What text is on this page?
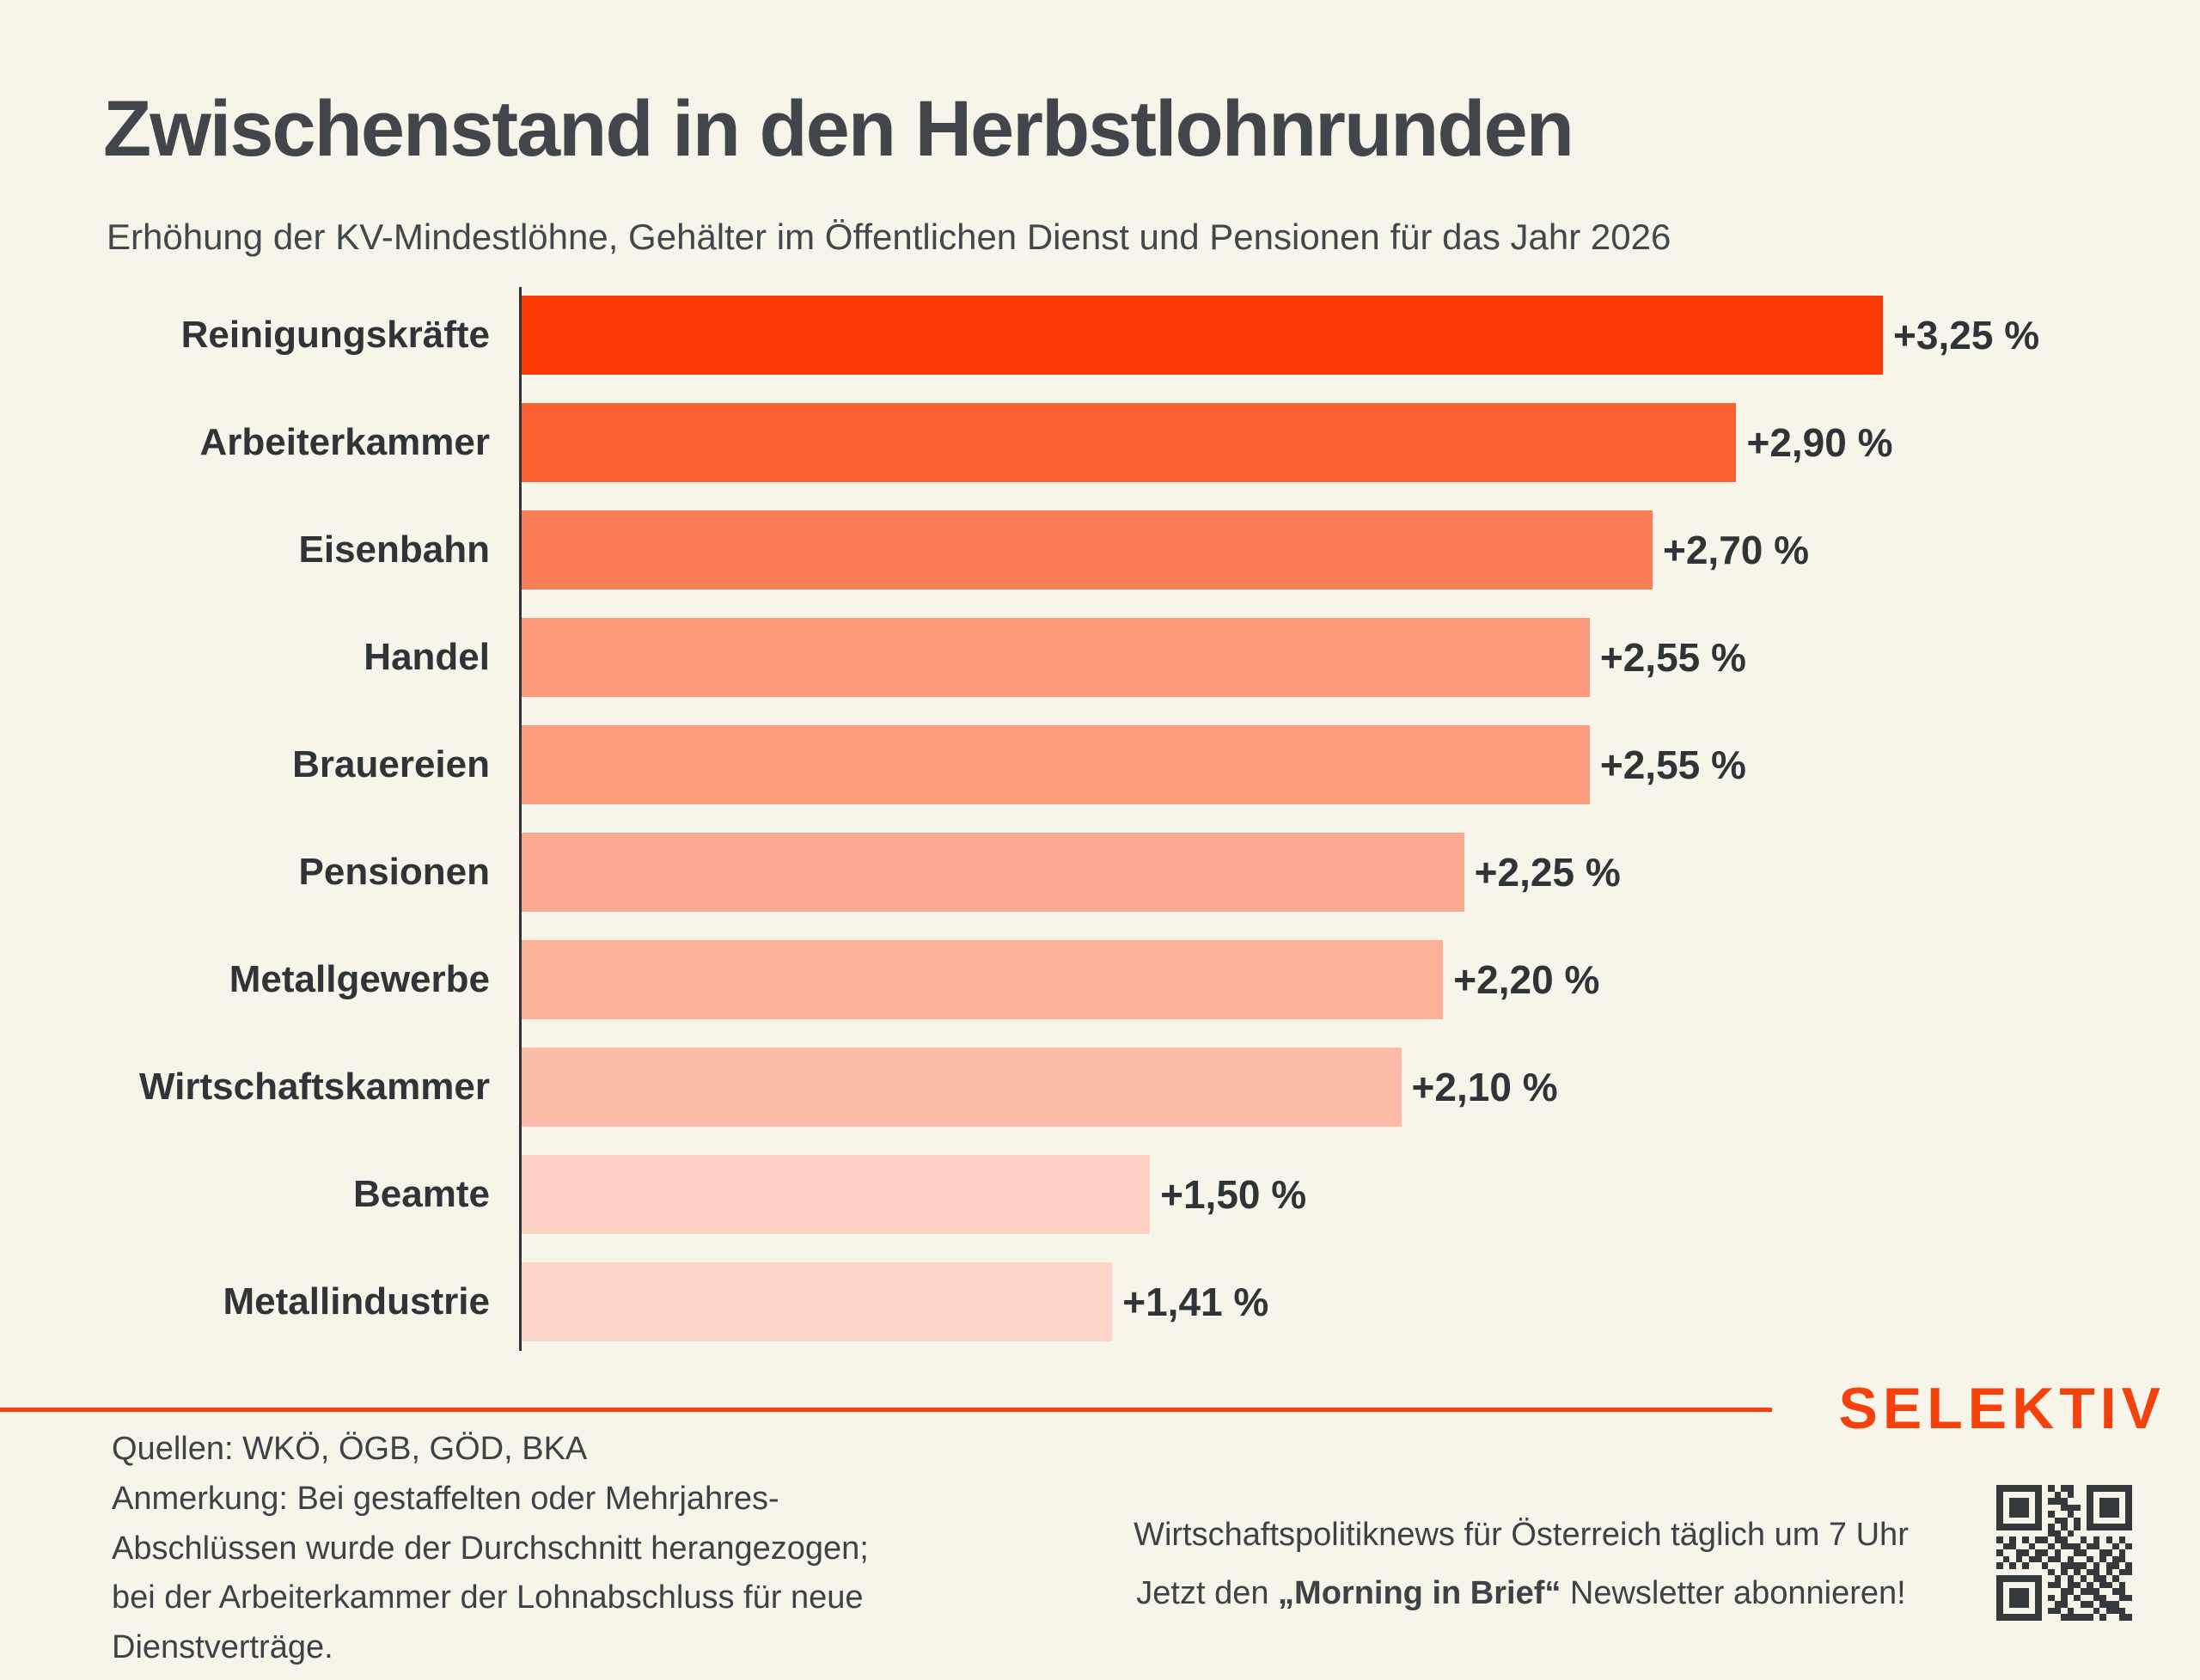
Zwischenstand in den Herbstlohnrunden
Erhöhung der KV-Mindestlöhne, Gehälter im Öffentlichen Dienst und Pensionen für das Jahr 2026
Reinigungskräfte	+3,25 %
Arbeiterkammer	+2,90 %
Eisenbahn	+2,70 %
Handel	+2,55 %
Brauereien	+2,55 %
Pensionen	+2,25 %
Metallgewerbe	+2,20 %
Wirtschaftskammer	+2,10 %
Beamte	+1,50 %
Metallindustrie	+1,41 %
SELEKTIV
Quellen: WKÖ, ÖGB, GÖD, BKA
Anmerkung: Bei gestaffelten oder Mehrjahres-Abschlüssen wurde der Durchschnitt herangezogen; bei der Arbeiterkammer der Lohnabschluss für neue Dienstverträge.
Wirtschaftspolitiknews für Österreich täglich um 7 Uhr
Jetzt den „Morning in Brief“ Newsletter abonnieren!
